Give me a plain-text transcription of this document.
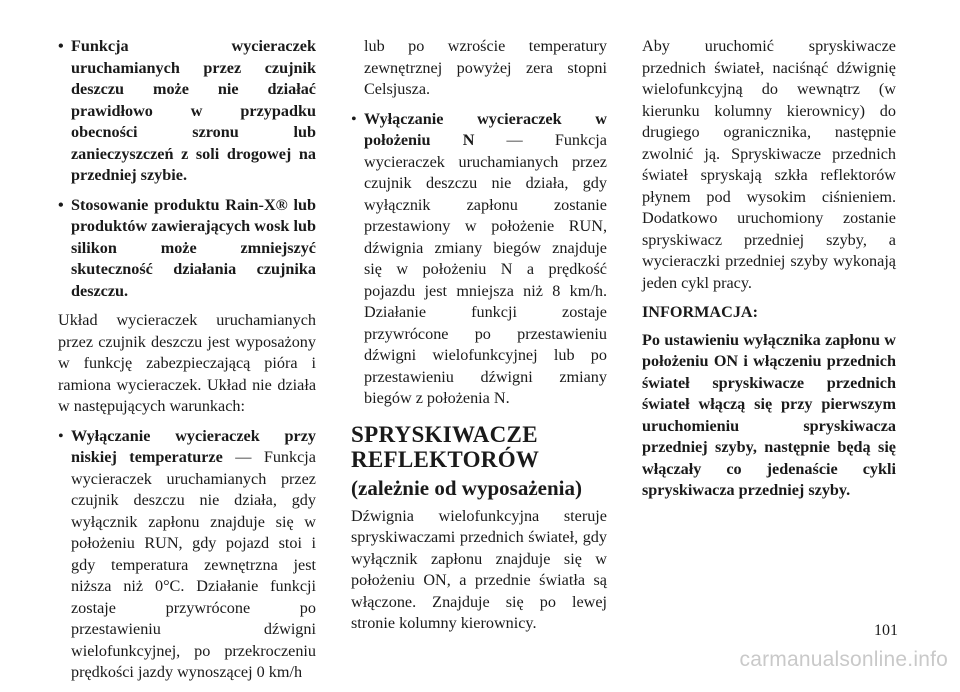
• Funkcja wycieraczek uruchamianych przez czujnik deszczu może nie działać prawidłowo w przypadku obecności szronu lub zanieczyszczeń z soli drogowej na przedniej szybie.
• Stosowanie produktu Rain-X® lub produktów zawierających wosk lub silikon może zmniejszyć skuteczność działania czujnika deszczu.

Układ wycieraczek uruchamianych przez czujnik deszczu jest wyposażony w funkcję zabezpieczającą pióra i ramiona wycieraczek. Układ nie działa w następujących warunkach:

• Wyłączanie wycieraczek przy niskiej temperaturze — Funkcja wycieraczek uruchamianych przez czujnik deszczu nie działa, gdy wyłącznik zapłonu znajduje się w położeniu RUN, gdy pojazd stoi i gdy temperatura zewnętrzna jest niższa niż 0°C. Działanie funkcji zostaje przywrócone po przestawieniu dźwigni wielofunkcyjnej, po przekroczeniu prędkości jazdy wynoszącej 0 km/h

lub po wzroście temperatury zewnętrznej powyżej zera stopni Celsjusza.

• Wyłączanie wycieraczek w położeniu N — Funkcja wycieraczek uruchamianych przez czujnik deszczu nie działa, gdy wyłącznik zapłonu zostanie przestawiony w położenie RUN, dźwignia zmiany biegów znajduje się w położeniu N a prędkość pojazdu jest mniejsza niż 8 km/h. Działanie funkcji zostaje przywrócone po przestawieniu dźwigni wielofunkcyjnej lub po przestawieniu dźwigni zmiany biegów z położenia N.
SPRYSKIWACZE
REFLEKTORÓW
(zależnie od wyposażenia)

Dźwignia wielofunkcyjna steruje spryskiwaczami przednich świateł, gdy wyłącznik zapłonu znajduje się w położeniu ON, a przednie światła są włączone. Znajduje się po lewej stronie kolumny kierownicy.

Aby uruchomić spryskiwacze przednich świateł, naciśnąć dźwignię wielofunkcyjną do wewnątrz (w kierunku kolumny kierownicy) do drugiego ogranicznika, następnie zwolnić ją. Spryskiwacze przednich świateł spryskają szkła reflektorów płynem pod wysokim ciśnieniem. Dodatkowo uruchomiony zostanie spryskiwacz przedniej szyby, a wycieraczki przedniej szyby wykonają jeden cykl pracy.

INFORMACJA:

Po ustawieniu wyłącznika zapłonu w położeniu ON i włączeniu przednich świateł spryskiwacze przednich świateł włączą się przy pierwszym uruchomieniu spryskiwacza przedniej szyby, następnie będą się włączały co jedenaście cykli spryskiwacza przedniej szyby.

101
carmanualsonline.info
